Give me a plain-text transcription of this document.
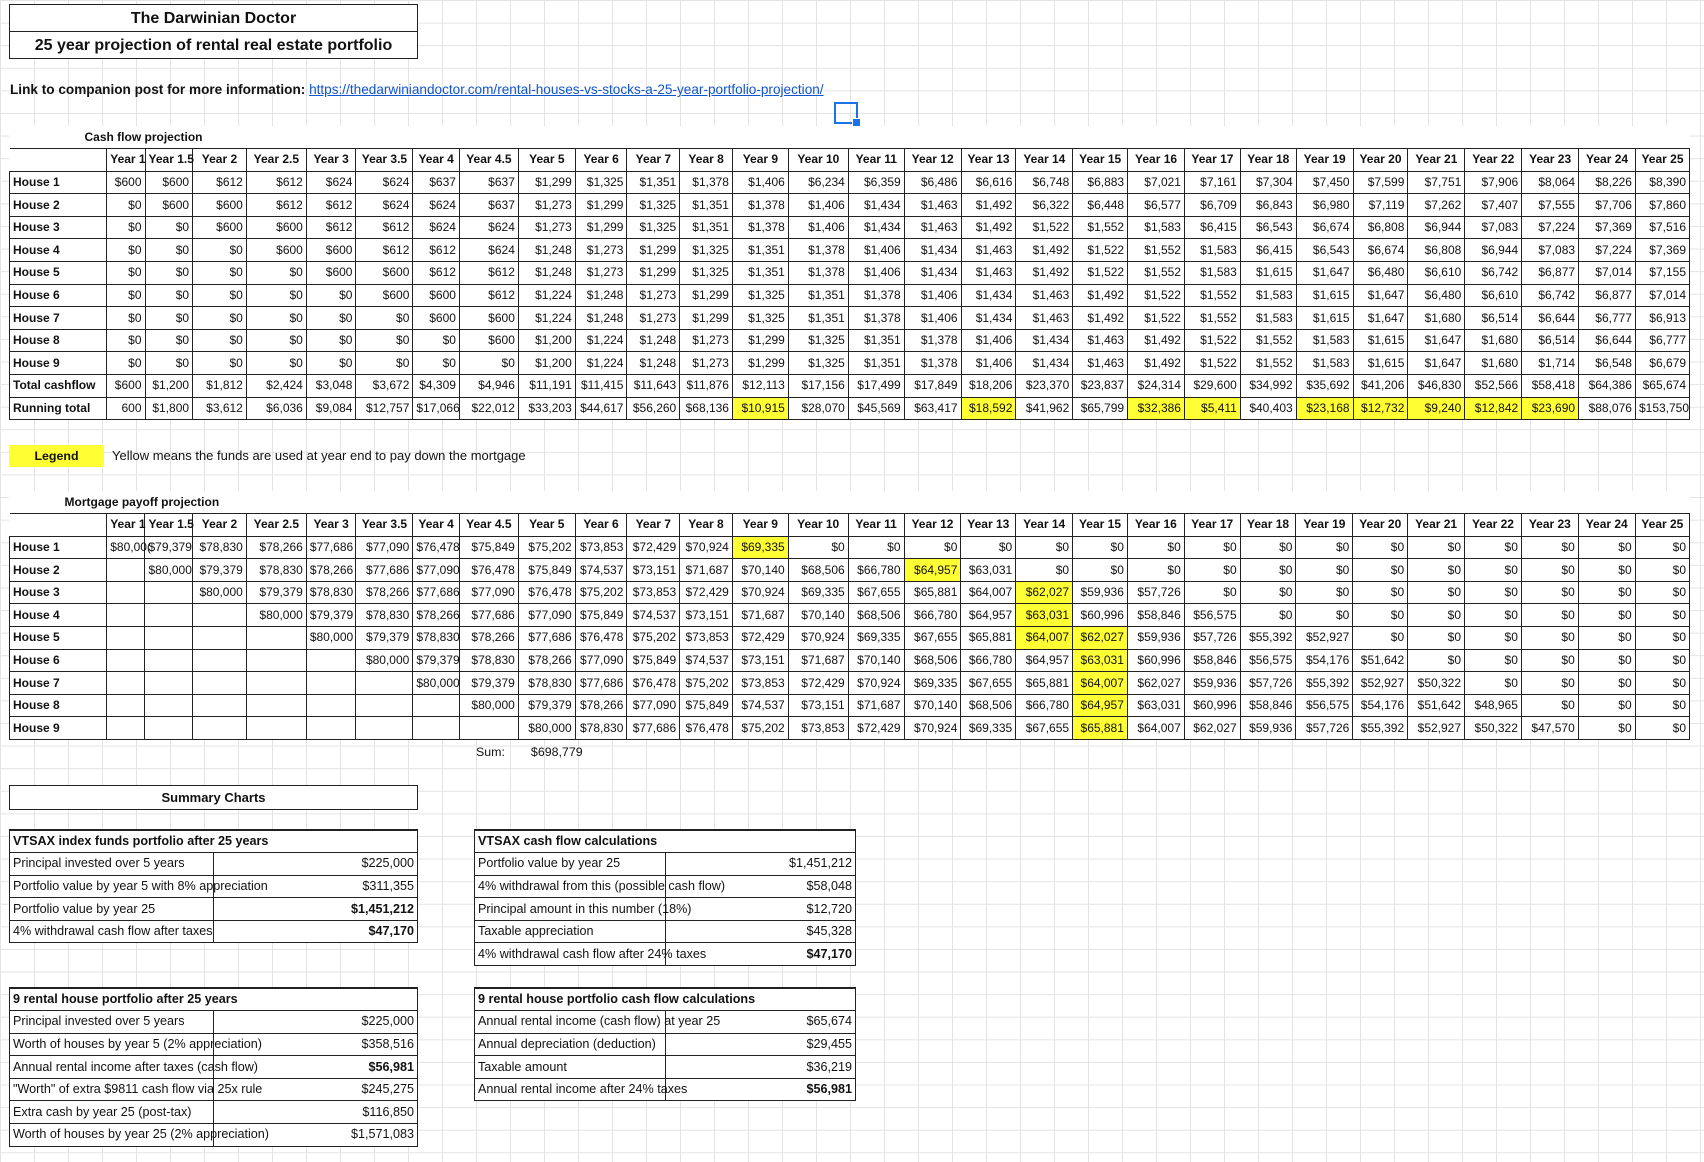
The Darwinian Doctor
25 year projection of rental real estate portfolio
Link to companion post for more information: https://thedarwiniandoctor.com/rental-houses-vs-stocks-a-25-year-portfolio-projection/
Cash flow projection																													
	Year 1	Year 1.5	Year 2	Year 2.5	Year 3	Year 3.5	Year 4	Year 4.5	Year 5	Year 6	Year 7	Year 8	Year 9	Year 10	Year 11	Year 12	Year 13	Year 14	Year 15	Year 16	Year 17	Year 18	Year 19	Year 20	Year 21	Year 22	Year 23	Year 24	Year 25
House 1	$600	$600	$612	$612	$624	$624	$637	$637	$1,299	$1,325	$1,351	$1,378	$1,406	$6,234	$6,359	$6,486	$6,616	$6,748	$6,883	$7,021	$7,161	$7,304	$7,450	$7,599	$7,751	$7,906	$8,064	$8,226	$8,390
House 2	$0	$600	$600	$612	$612	$624	$624	$637	$1,273	$1,299	$1,325	$1,351	$1,378	$1,406	$1,434	$1,463	$1,492	$6,322	$6,448	$6,577	$6,709	$6,843	$6,980	$7,119	$7,262	$7,407	$7,555	$7,706	$7,860
House 3	$0	$0	$600	$600	$612	$612	$624	$624	$1,273	$1,299	$1,325	$1,351	$1,378	$1,406	$1,434	$1,463	$1,492	$1,522	$1,552	$1,583	$6,415	$6,543	$6,674	$6,808	$6,944	$7,083	$7,224	$7,369	$7,516
House 4	$0	$0	$0	$600	$600	$612	$612	$624	$1,248	$1,273	$1,299	$1,325	$1,351	$1,378	$1,406	$1,434	$1,463	$1,492	$1,522	$1,552	$1,583	$6,415	$6,543	$6,674	$6,808	$6,944	$7,083	$7,224	$7,369
House 5	$0	$0	$0	$0	$600	$600	$612	$612	$1,248	$1,273	$1,299	$1,325	$1,351	$1,378	$1,406	$1,434	$1,463	$1,492	$1,522	$1,552	$1,583	$1,615	$1,647	$6,480	$6,610	$6,742	$6,877	$7,014	$7,155
House 6	$0	$0	$0	$0	$0	$600	$600	$612	$1,224	$1,248	$1,273	$1,299	$1,325	$1,351	$1,378	$1,406	$1,434	$1,463	$1,492	$1,522	$1,552	$1,583	$1,615	$1,647	$6,480	$6,610	$6,742	$6,877	$7,014
House 7	$0	$0	$0	$0	$0	$0	$600	$600	$1,224	$1,248	$1,273	$1,299	$1,325	$1,351	$1,378	$1,406	$1,434	$1,463	$1,492	$1,522	$1,552	$1,583	$1,615	$1,647	$1,680	$6,514	$6,644	$6,777	$6,913
House 8	$0	$0	$0	$0	$0	$0	$0	$600	$1,200	$1,224	$1,248	$1,273	$1,299	$1,325	$1,351	$1,378	$1,406	$1,434	$1,463	$1,492	$1,522	$1,552	$1,583	$1,615	$1,647	$1,680	$6,514	$6,644	$6,777
House 9	$0	$0	$0	$0	$0	$0	$0	$0	$1,200	$1,224	$1,248	$1,273	$1,299	$1,325	$1,351	$1,378	$1,406	$1,434	$1,463	$1,492	$1,522	$1,552	$1,583	$1,615	$1,647	$1,680	$1,714	$6,548	$6,679
Total cashflow	$600	$1,200	$1,812	$2,424	$3,048	$3,672	$4,309	$4,946	$11,191	$11,415	$11,643	$11,876	$12,113	$17,156	$17,499	$17,849	$18,206	$23,370	$23,837	$24,314	$29,600	$34,992	$35,692	$41,206	$46,830	$52,566	$58,418	$64,386	$65,674
Running total	600	$1,800	$3,612	$6,036	$9,084	$12,757	$17,066	$22,012	$33,203	$44,617	$56,260	$68,136	$10,915	$28,070	$45,569	$63,417	$18,592	$41,962	$65,799	$32,386	$5,411	$40,403	$23,168	$12,732	$9,240	$12,842	$23,690	$88,076	$153,750
Legend	Yellow means the funds are used at year end to pay down the mortgage
Mortgage payoff projection																													
	Year 1	Year 1.5	Year 2	Year 2.5	Year 3	Year 3.5	Year 4	Year 4.5	Year 5	Year 6	Year 7	Year 8	Year 9	Year 10	Year 11	Year 12	Year 13	Year 14	Year 15	Year 16	Year 17	Year 18	Year 19	Year 20	Year 21	Year 22	Year 23	Year 24	Year 25
House 1	$80,00(	$79,379	$78,830	$78,266	$77,686	$77,090	$76,478	$75,849	$75,202	$73,853	$72,429	$70,924	$69,335	$0	$0	$0	$0	$0	$0	$0	$0	$0	$0	$0	$0	$0	$0	$0	$0
House 2		$80,000	$79,379	$78,830	$78,266	$77,686	$77,090	$76,478	$75,849	$74,537	$73,151	$71,687	$70,140	$68,506	$66,780	$64,957	$63,031	$0	$0	$0	$0	$0	$0	$0	$0	$0	$0	$0	$0
House 3			$80,000	$79,379	$78,830	$78,266	$77,686	$77,090	$76,478	$75,202	$73,853	$72,429	$70,924	$69,335	$67,655	$65,881	$64,007	$62,027	$59,936	$57,726	$0	$0	$0	$0	$0	$0	$0	$0	$0
House 4				$80,000	$79,379	$78,830	$78,266	$77,686	$77,090	$75,849	$74,537	$73,151	$71,687	$70,140	$68,506	$66,780	$64,957	$63,031	$60,996	$58,846	$56,575	$0	$0	$0	$0	$0	$0	$0	$0
House 5					$80,000	$79,379	$78,830	$78,266	$77,686	$76,478	$75,202	$73,853	$72,429	$70,924	$69,335	$67,655	$65,881	$64,007	$62,027	$59,936	$57,726	$55,392	$52,927	$0	$0	$0	$0	$0	$0
House 6						$80,000	$79,379	$78,830	$78,266	$77,090	$75,849	$74,537	$73,151	$71,687	$70,140	$68,506	$66,780	$64,957	$63,031	$60,996	$58,846	$56,575	$54,176	$51,642	$0	$0	$0	$0	$0
House 7							$80,000	$79,379	$78,830	$77,686	$76,478	$75,202	$73,853	$72,429	$70,924	$69,335	$67,655	$65,881	$64,007	$62,027	$59,936	$57,726	$55,392	$52,927	$50,322	$0	$0	$0	$0
House 8								$80,000	$79,379	$78,266	$77,090	$75,849	$74,537	$73,151	$71,687	$70,140	$68,506	$66,780	$64,957	$63,031	$60,996	$58,846	$56,575	$54,176	$51,642	$48,965	$0	$0	$0
House 9									$80,000	$78,830	$77,686	$76,478	$75,202	$73,853	$72,429	$70,924	$69,335	$67,655	$65,881	$64,007	$62,027	$59,936	$57,726	$55,392	$52,927	$50,322	$47,570	$0	$0
Sum: $698,779
Summary Charts
VTSAX index funds portfolio after 25 years	
Principal invested over 5 years	$225,000
Portfolio value by year 5 with 8% appreciation	$311,355
Portfolio value by year 25	$1,451,212
4% withdrawal cash flow after taxes	$47,170
VTSAX cash flow calculations	
Portfolio value by year 25	$1,451,212
4% withdrawal from this (possible cash flow)	$58,048
Principal amount in this number (18%)	$12,720
Taxable appreciation	$45,328
4% withdrawal cash flow after 24% taxes	$47,170
9 rental house portfolio after 25 years	
Principal invested over 5 years	$225,000
Worth of houses by year 5 (2% appreciation)	$358,516
Annual rental income after taxes (cash flow)	$56,981
"Worth" of extra $9811 cash flow via 25x rule	$245,275
Extra cash by year 25 (post-tax)	$116,850
Worth of houses by year 25 (2% appreciation)	$1,571,083
9 rental house portfolio cash flow calculations	
Annual rental income (cash flow) at year 25	$65,674
Annual depreciation (deduction)	$29,455
Taxable amount	$36,219
Annual rental income after 24% taxes	$56,981
